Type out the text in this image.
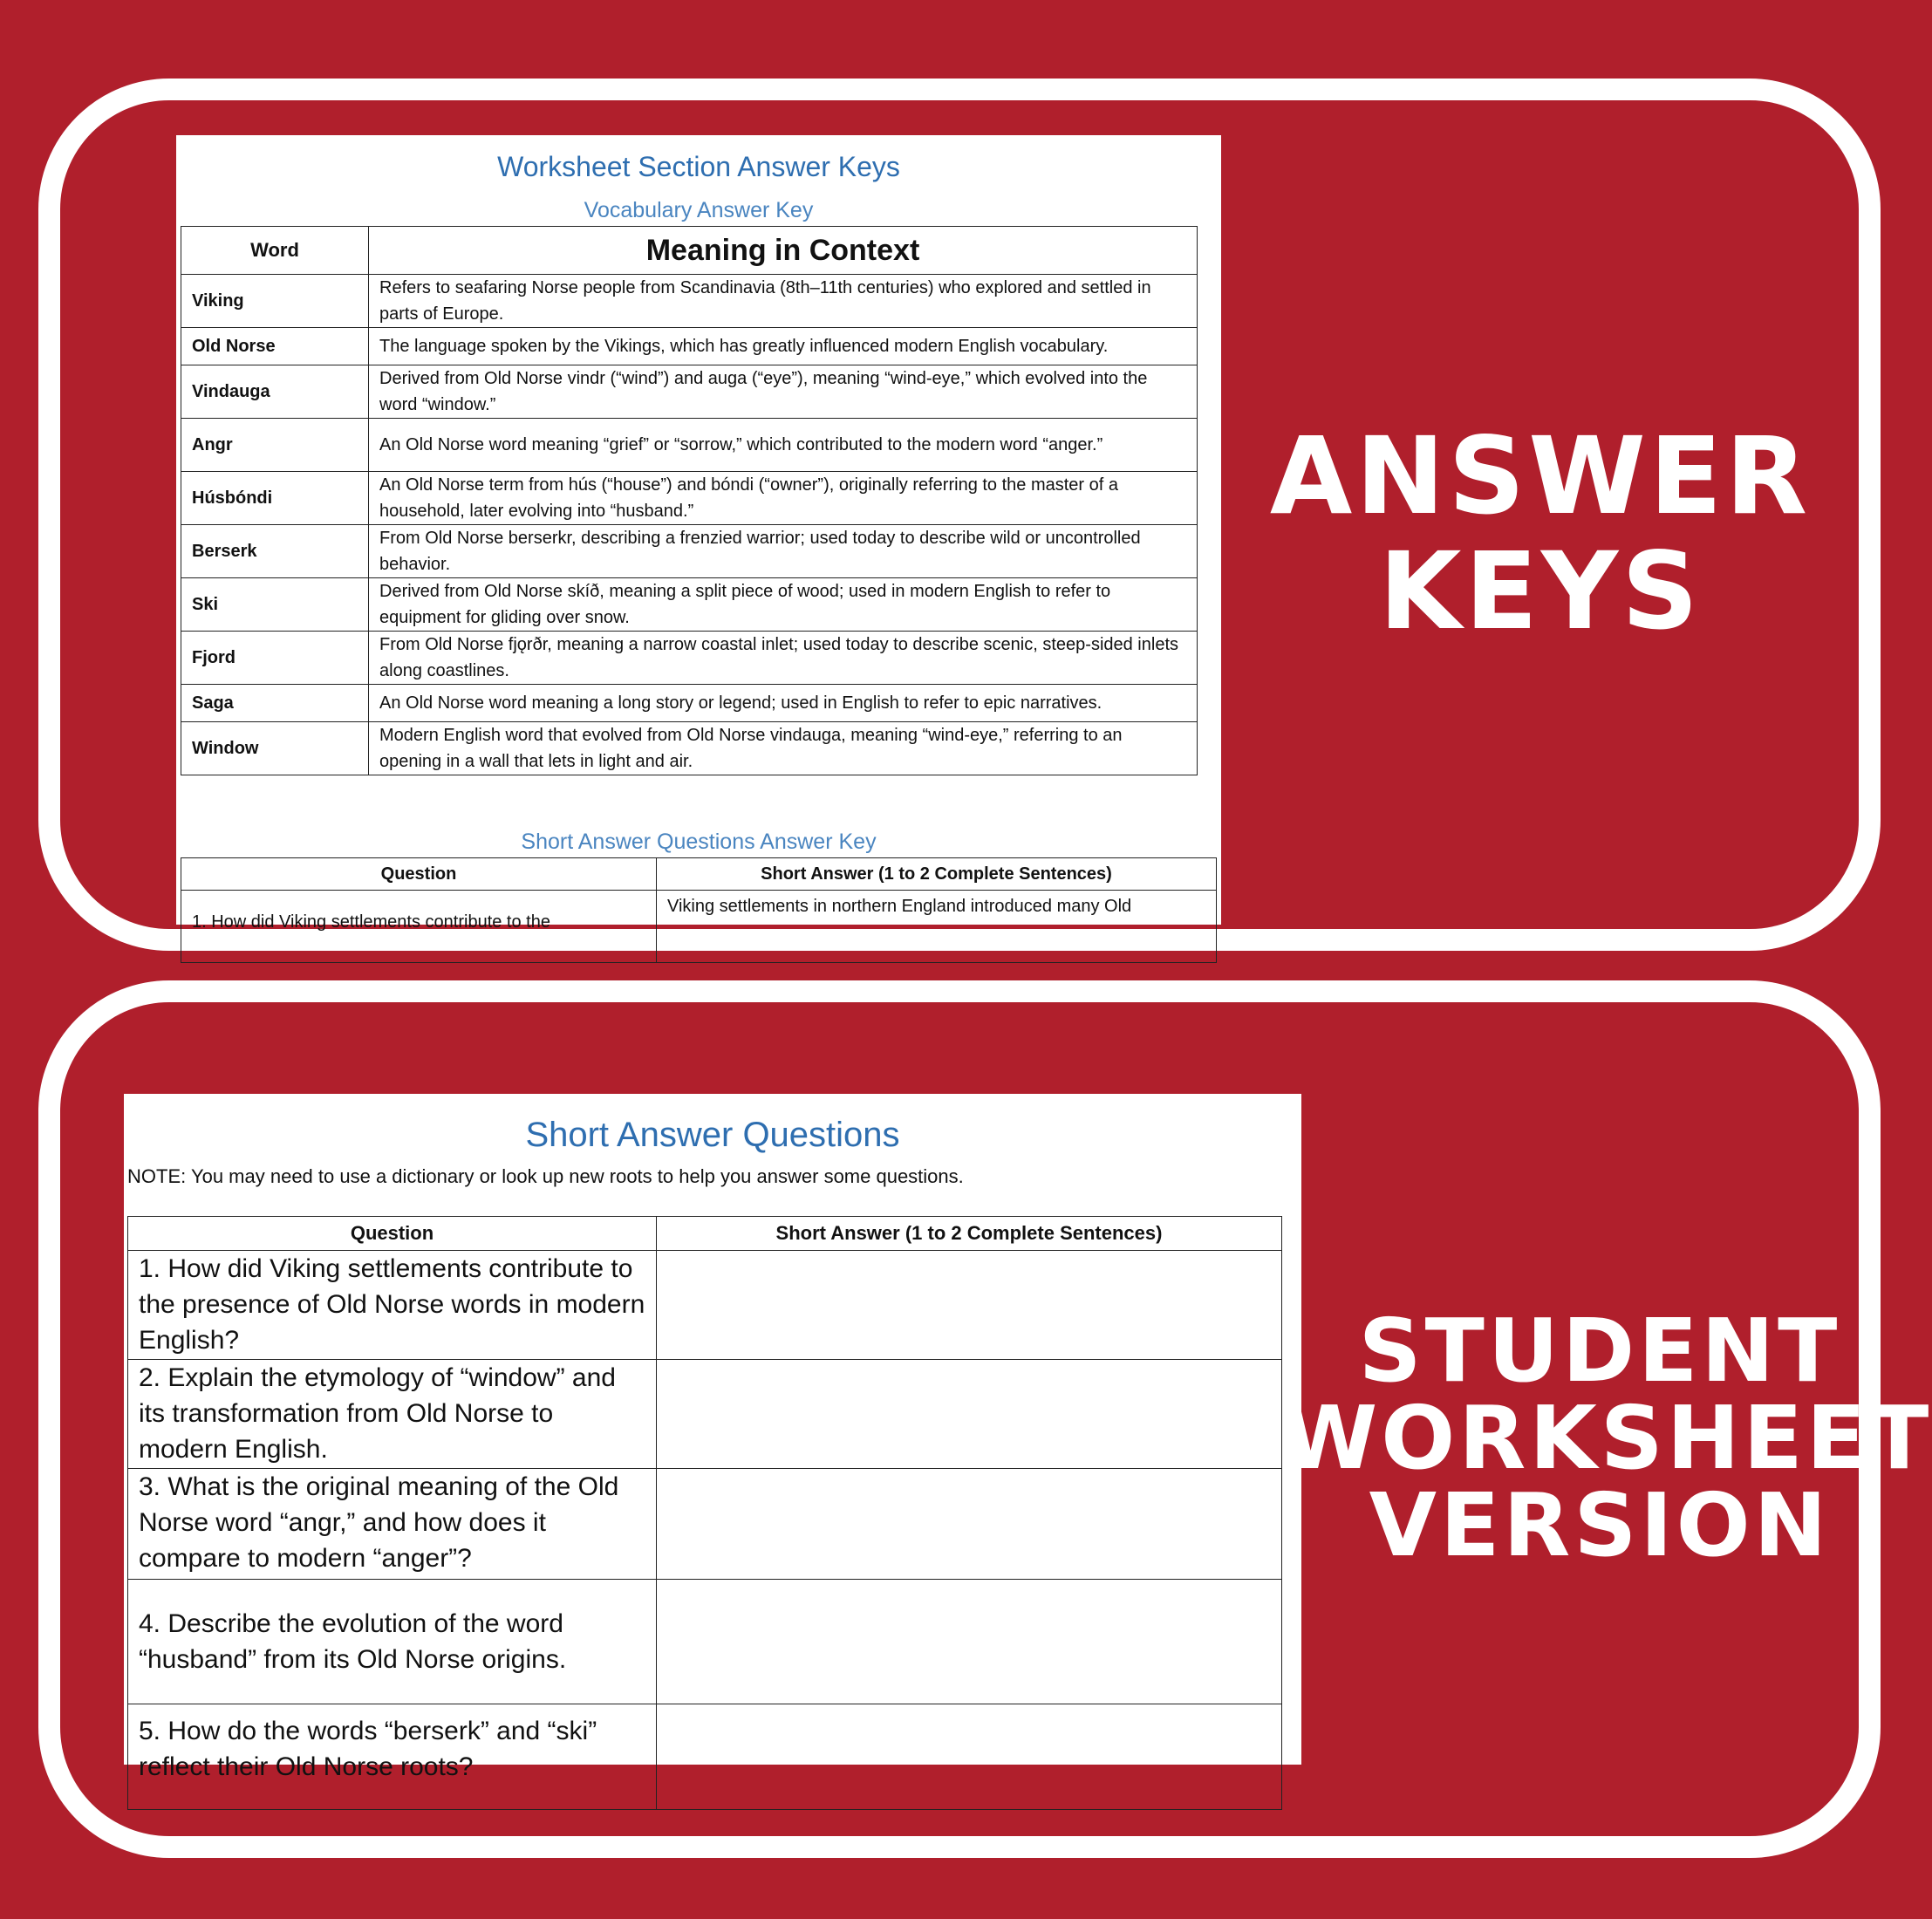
Worksheet Section Answer Keys
Vocabulary Answer Key
Word	Meaning in Context
Viking	Refers to seafaring Norse people from Scandinavia (8th–11th centuries) who explored and settled in parts of Europe.
Old Norse	The language spoken by the Vikings, which has greatly influenced modern English vocabulary.
Vindauga	Derived from Old Norse vindr (“wind”) and auga (“eye”), meaning “wind-eye,” which evolved into the word “window.”
Angr	An Old Norse word meaning “grief” or “sorrow,” which contributed to the modern word “anger.”
Húsbóndi	An Old Norse term from hús (“house”) and bóndi (“owner”), originally referring to the master of a household, later evolving into “husband.”
Berserk	From Old Norse berserkr, describing a frenzied warrior; used today to describe wild or uncontrolled behavior.
Ski	Derived from Old Norse skíð, meaning a split piece of wood; used in modern English to refer to equipment for gliding over snow.
Fjord	From Old Norse fjǫrðr, meaning a narrow coastal inlet; used today to describe scenic, steep-sided inlets along coastlines.
Saga	An Old Norse word meaning a long story or legend; used in English to refer to epic narratives.
Window	Modern English word that evolved from Old Norse vindauga, meaning “wind-eye,” referring to an opening in a wall that lets in light and air.
Short Answer Questions Answer Key
Question	Short Answer (1 to 2 Complete Sentences)
1. How did Viking settlements contribute to the	Viking settlements in northern England introduced many Old
ANSWER
KEYS
Short Answer Questions
NOTE: You may need to use a dictionary or look up new roots to help you answer some questions.
Question	Short Answer (1 to 2 Complete Sentences)
1. How did Viking settlements contribute to the presence of Old Norse words in modern English?	
2. Explain the etymology of “window” and its transformation from Old Norse to modern English.	
3. What is the original meaning of the Old Norse word “angr,” and how does it compare to modern “anger”?	
4. Describe the evolution of the word “husband” from its Old Norse origins.	
5. How do the words “berserk” and “ski” reflect their Old Norse roots?	
STUDENT
WORKSHEET
VERSION
